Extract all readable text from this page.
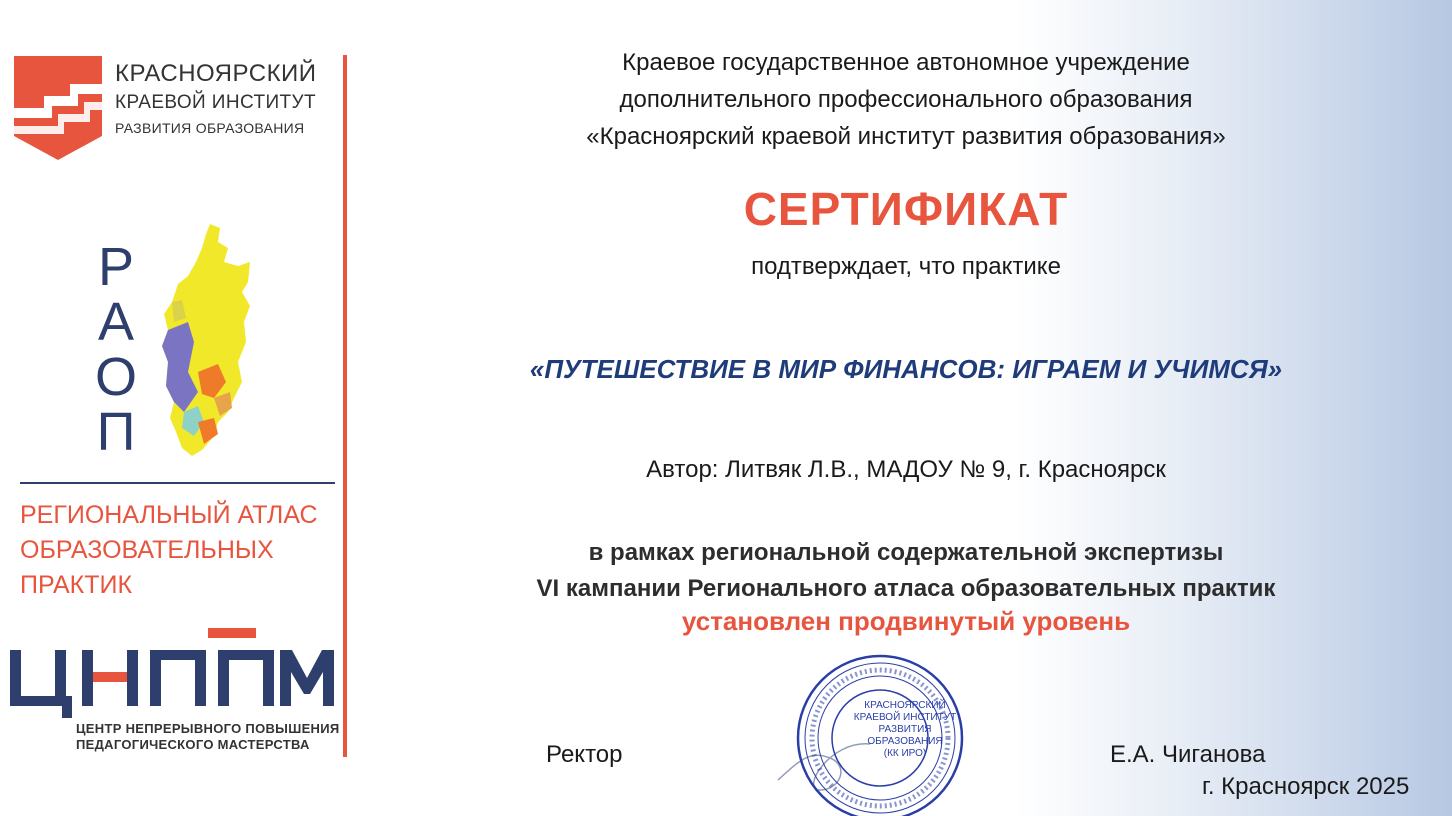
КРАСНОЯРСКИЙ
КРАЕВОЙ ИНСТИТУТ
РАЗВИТИЯ ОБРАЗОВАНИЯ
Р
А
О
П
РЕГИОНАЛЬНЫЙ АТЛАС
ОБРАЗОВАТЕЛЬНЫХ
ПРАКТИК
ЦЕНТР НЕПРЕРЫВНОГО ПОВЫШЕНИЯ
ПЕДАГОГИЧЕСКОГО МАСТЕРСТВА
Краевое государственное автономное учреждение
дополнительного профессионального образования
«Красноярский краевой институт развития образования»
СЕРТИФИКАТ
подтверждает, что практике
«ПУТЕШЕСТВИЕ В МИР ФИНАНСОВ: ИГРАЕМ И УЧИМСЯ»
Автор: Литвяк Л.В., МАДОУ № 9, г. Красноярск
в рамках региональной содержательной экспертизы
VI кампании Регионального атласа образовательных практик
установлен продвинутый уровень
Ректор
КРАСНОЯРСКИЙ
КРАЕВОЙ ИНСТИТУТ
РАЗВИТИЯ
ОБРАЗОВАНИЯ
(КК ИРО)	Е.А. Чиганова
г. Красноярск 2025
